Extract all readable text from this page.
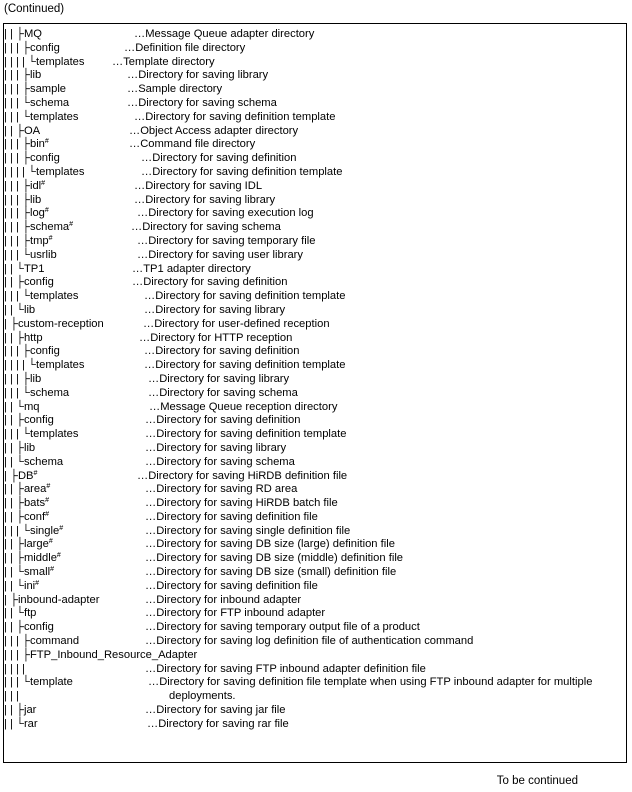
(Continued)
| | ├MQ	…Message Queue adapter directory
| | | ├config	…Definition file directory
| | | | └templates …Template directory
| | | ├lib	…Directory for saving library
| | | ├sample	…Sample directory
| | | └schema	…Directory for saving schema
| | | └templates	…Directory for saving definition template
| | ├OA	…Object Access adapter directory
| | | ├bin#	…Command file directory
| | | ├config	…Directory for saving definition
| | | | └templates	…Directory for saving definition template
| | | ├idl#	…Directory for saving IDL
| | | ├lib	…Directory for saving library
| | | ├log#	…Directory for saving execution log
| | | ├schema#	…Directory for saving schema
| | | ├tmp#	…Directory for saving temporary file
| | | └usrlib	…Directory for saving user library
| | └TP1	…TP1 adapter directory
| | ├config	…Directory for saving definition
| | | └templates	…Directory for saving definition template
| | └lib	…Directory for saving library
| ├custom-reception	…Directory for user-defined reception
| | ├http	…Directory for HTTP reception
| | | ├config	…Directory for saving definition
| | | | └templates	…Directory for saving definition template
| | | ├lib	…Directory for saving library
| | | └schema	…Directory for saving schema
| | └mq	…Message Queue reception directory
| | ├config	…Directory for saving definition
| | | └templates	…Directory for saving definition template
| | ├lib	…Directory for saving library
| | └schema	…Directory for saving schema
| ├DB#	…Directory for saving HiRDB definition file
| | ├area#	…Directory for saving RD area
| | ├bats#	…Directory for saving HiRDB batch file
| | ├conf#	…Directory for saving definition file
| | | └single#	…Directory for saving single definition file
| | ├large#	…Directory for saving DB size (large) definition file
| | ├middle#	…Directory for saving DB size (middle) definition file
| | └small#	…Directory for saving DB size (small) definition file
| | └ini#	…Directory for saving definition file
| ├inbound-adapter	…Directory for inbound adapter
| | └ftp	…Directory for FTP inbound adapter
| | ├config	…Directory for saving temporary output file of a product
| | | ├command	…Directory for saving log definition file of authentication command
| | | ├FTP_Inbound_Resource_Adapter
| | | |	…Directory for saving FTP inbound adapter definition file
| | | └template	…Directory for saving definition file template when using FTP inbound adapter for multiple
| | |	deployments.
| | ├jar	…Directory for saving jar file
| | └rar	…Directory for saving rar file
To be continued
